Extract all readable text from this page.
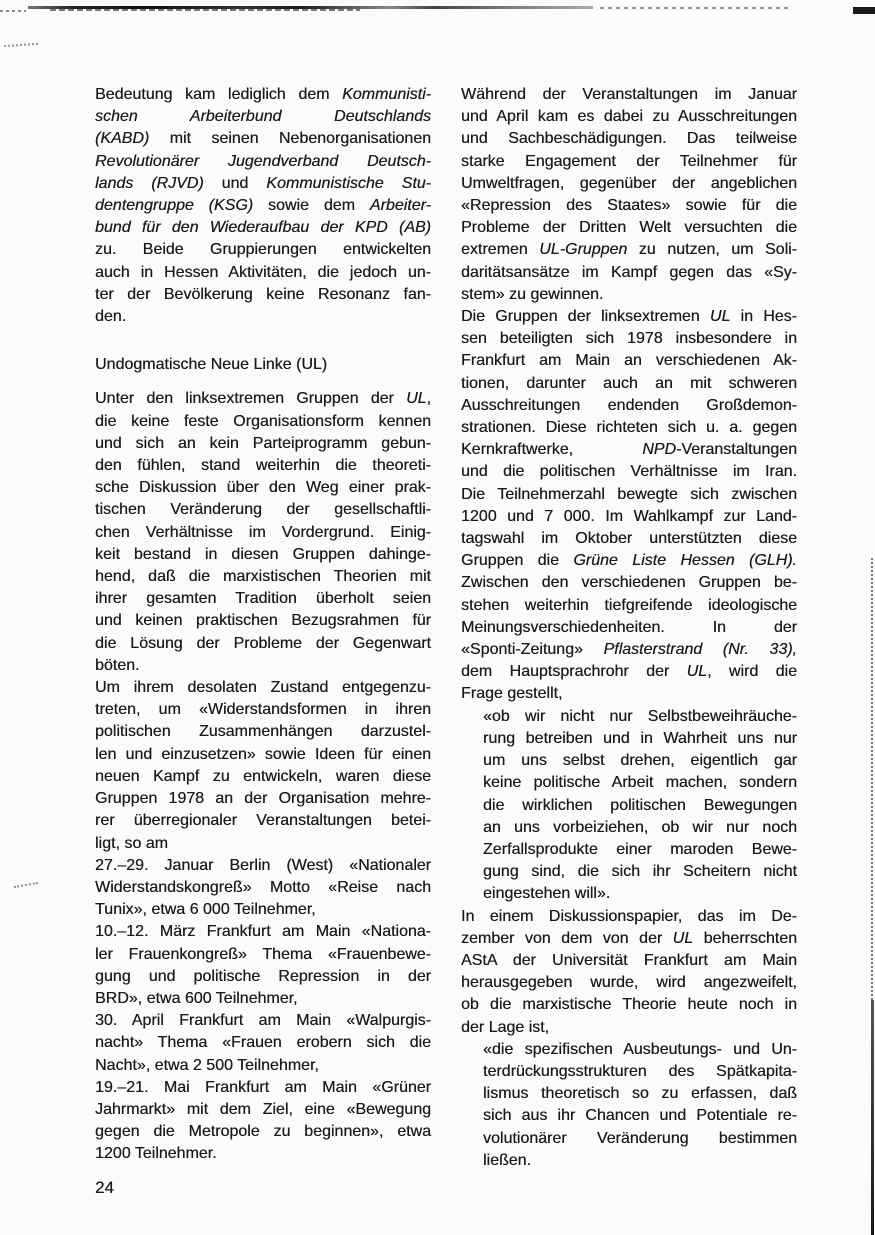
Bedeutung kam lediglich dem Kommunisti-
schen Arbeiterbund Deutschlands
(KABD) mit seinen Nebenorganisationen
Revolutionärer Jugendverband Deutsch-
lands (RJVD) und Kommunistische Stu-
dentengruppe (KSG) sowie dem Arbeiter-
bund für den Wiederaufbau der KPD (AB)
zu. Beide Gruppierungen entwickelten
auch in Hessen Aktivitäten, die jedoch un-
ter der Bevölkerung keine Resonanz fan-
den.
Undogmatische Neue Linke (UL)
Unter den linksextremen Gruppen der UL,
die keine feste Organisationsform kennen
und sich an kein Parteiprogramm gebun-
den fühlen, stand weiterhin die theoreti-
sche Diskussion über den Weg einer prak-
tischen Veränderung der gesellschaftli-
chen Verhältnisse im Vordergrund. Einig-
keit bestand in diesen Gruppen dahinge-
hend, daß die marxistischen Theorien mit
ihrer gesamten Tradition überholt seien
und keinen praktischen Bezugsrahmen für
die Lösung der Probleme der Gegenwart
böten.
Um ihrem desolaten Zustand entgegenzu-
treten, um «Widerstandsformen in ihren
politischen Zusammenhängen darzustel-
len und einzusetzen» sowie Ideen für einen
neuen Kampf zu entwickeln, waren diese
Gruppen 1978 an der Organisation mehre-
rer überregionaler Veranstaltungen betei-
ligt, so am
27.–29. Januar Berlin (West) «Nationaler
Widerstandskongreß» Motto «Reise nach
Tunix», etwa 6 000 Teilnehmer,
10.–12. März Frankfurt am Main «Nationa-
ler Frauenkongreß» Thema «Frauenbewe-
gung und politische Repression in der
BRD», etwa 600 Teilnehmer,
30. April Frankfurt am Main «Walpurgis-
nacht» Thema «Frauen erobern sich die
Nacht», etwa 2 500 Teilnehmer,
19.–21. Mai Frankfurt am Main «Grüner
Jahrmarkt» mit dem Ziel, eine «Bewegung
gegen die Metropole zu beginnen», etwa
1200 Teilnehmer.
Während der Veranstaltungen im Januar
und April kam es dabei zu Ausschreitungen
und Sachbeschädigungen. Das teilweise
starke Engagement der Teilnehmer für
Umweltfragen, gegenüber der angeblichen
«Repression des Staates» sowie für die
Probleme der Dritten Welt versuchten die
extremen UL-Gruppen zu nutzen, um Soli-
daritätsansätze im Kampf gegen das «Sy-
stem» zu gewinnen.
Die Gruppen der linksextremen UL in Hes-
sen beteiligten sich 1978 insbesondere in
Frankfurt am Main an verschiedenen Ak-
tionen, darunter auch an mit schweren
Ausschreitungen endenden Großdemon-
strationen. Diese richteten sich u. a. gegen
Kernkraftwerke, NPD-Veranstaltungen
und die politischen Verhältnisse im Iran.
Die Teilnehmerzahl bewegte sich zwischen
1200 und 7 000. Im Wahlkampf zur Land-
tagswahl im Oktober unterstützten diese
Gruppen die Grüne Liste Hessen (GLH).
Zwischen den verschiedenen Gruppen be-
stehen weiterhin tiefgreifende ideologische
Meinungsverschiedenheiten. In der
«Sponti-Zeitung» Pflasterstrand (Nr. 33),
dem Hauptsprachrohr der UL, wird die
Frage gestellt,
«ob wir nicht nur Selbstbeweihräuche-
rung betreiben und in Wahrheit uns nur
um uns selbst drehen, eigentlich gar
keine politische Arbeit machen, sondern
die wirklichen politischen Bewegungen
an uns vorbeiziehen, ob wir nur noch
Zerfallsprodukte einer maroden Bewe-
gung sind, die sich ihr Scheitern nicht
eingestehen will».
In einem Diskussionspapier, das im De-
zember von dem von der UL beherrschten
AStA der Universität Frankfurt am Main
herausgegeben wurde, wird angezweifelt,
ob die marxistische Theorie heute noch in
der Lage ist,
«die spezifischen Ausbeutungs- und Un-
terdrückungsstrukturen des Spätkapita-
lismus theoretisch so zu erfassen, daß
sich aus ihr Chancen und Potentiale re-
volutionärer Veränderung bestimmen
ließen.
24
